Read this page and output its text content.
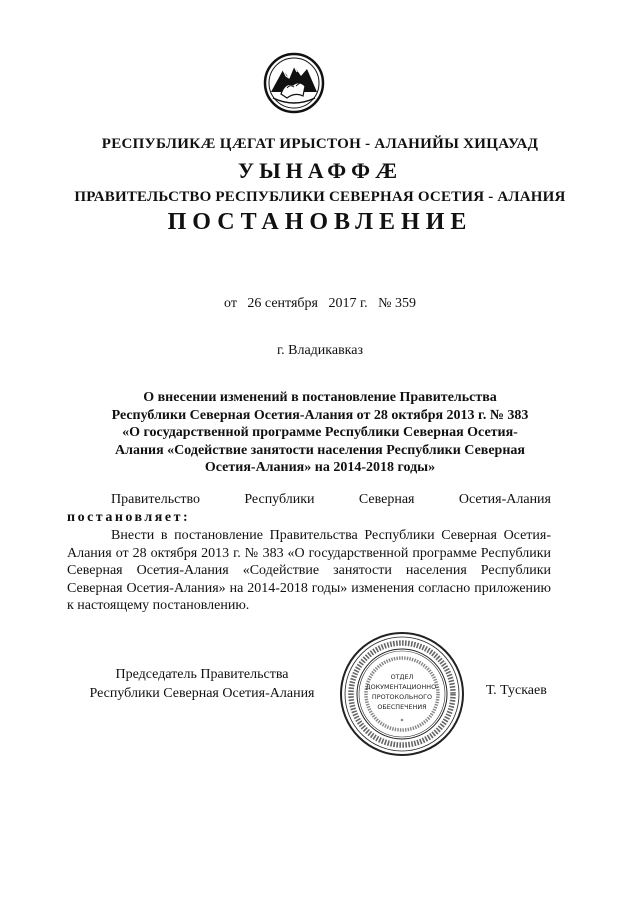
РЕСПУБЛИКÆ ЦÆГАТ ИРЫСТОН - АЛАНИЙЫ ХИЦАУАД
УЫНАФФÆ
ПРАВИТЕЛЬСТВО РЕСПУБЛИКИ СЕВЕРНАЯ ОСЕТИЯ - АЛАНИЯ
ПОСТАНОВЛЕНИЕ
от   26 сентября   2017 г.   № 359
г. Владикавказ
О внесении изменений в постановление Правительства
Республики Северная Осетия-Алания от 28 октября 2013 г. № 383
«О государственной программе Республики Северная Осетия-
Алания «Содействие занятости населения Республики Северная
Осетия-Алания» на 2014-2018 годы»
Правительство Республики Северная Осетия-Алания постановляет:
Внести в постановление Правительства Республики Северная Осетия-Алания от 28 октября 2013 г. № 383 «О государственной программе Республики Северная Осетия-Алания «Содействие занятости населения Республики Северная Осетия-Алания» на 2014-2018 годы» изменения согласно приложению к настоящему постановлению.
Председатель Правительства
Республики Северная Осетия-Алания
ОТДЕЛ
ДОКУМЕНТАЦИОННО-
ПРОТОКОЛЬНОГО
ОБЕСПЕЧЕНИЯ
*
Т. Тускаев
